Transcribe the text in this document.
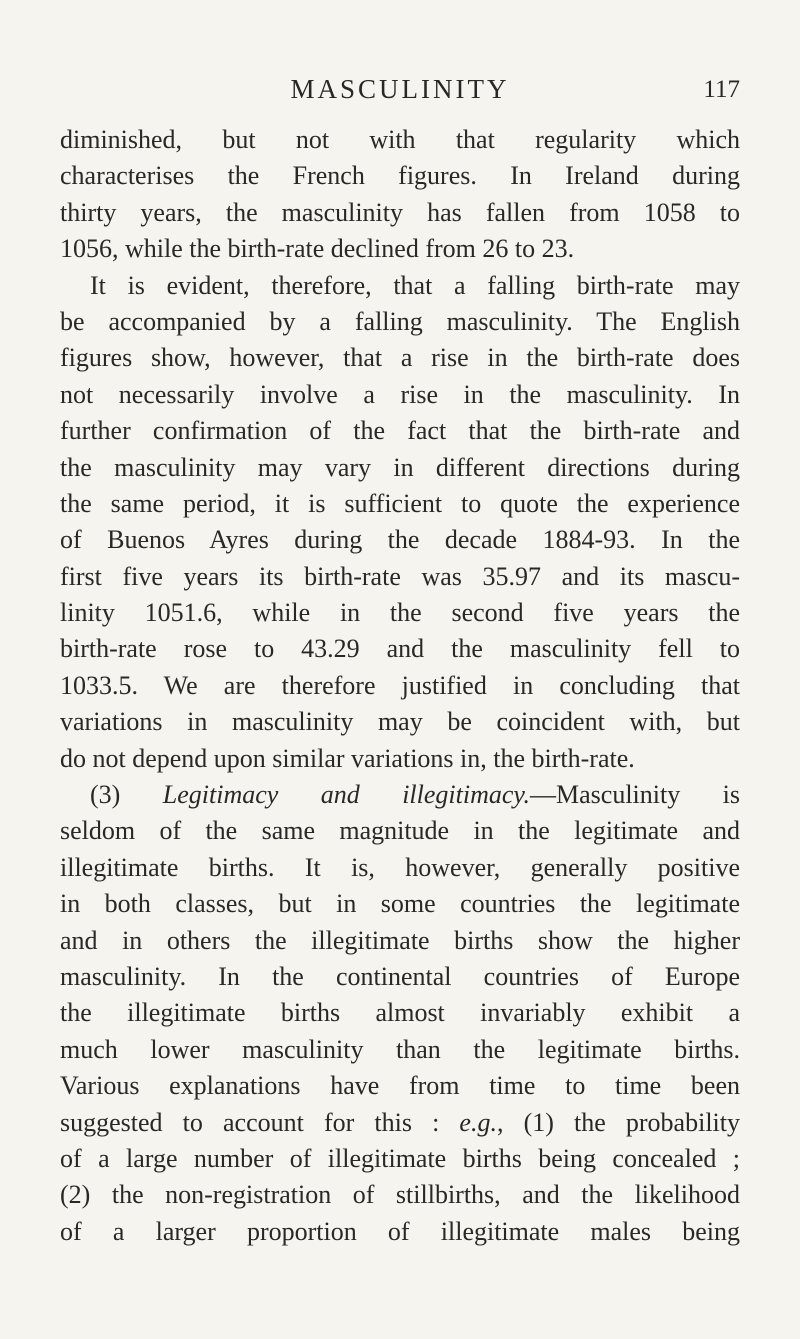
MASCULINITY	117
diminished, but not with that regularity which
characterises the French figures. In Ireland during
thirty years, the masculinity has fallen from 1058 to
1056, while the birth-rate declined from 26 to 23.
It is evident, therefore, that a falling birth-rate may
be accompanied by a falling masculinity. The English
figures show, however, that a rise in the birth-rate does
not necessarily involve a rise in the masculinity. In
further confirmation of the fact that the birth-rate and
the masculinity may vary in different directions during
the same period, it is sufficient to quote the experience
of Buenos Ayres during the decade 1884-93. In the
first five years its birth-rate was 35.97 and its mascu-
linity 1051.6, while in the second five years the
birth-rate rose to 43.29 and the masculinity fell to
1033.5. We are therefore justified in concluding that
variations in masculinity may be coincident with, but
do not depend upon similar variations in, the birth-rate.
(3) Legitimacy and illegitimacy.—Masculinity is
seldom of the same magnitude in the legitimate and
illegitimate births. It is, however, generally positive
in both classes, but in some countries the legitimate
and in others the illegitimate births show the higher
masculinity. In the continental countries of Europe
the illegitimate births almost invariably exhibit a
much lower masculinity than the legitimate births.
Various explanations have from time to time been
suggested to account for this : e.g., (1) the probability
of a large number of illegitimate births being concealed ;
(2) the non-registration of stillbirths, and the likelihood
of a larger proportion of illegitimate males being
